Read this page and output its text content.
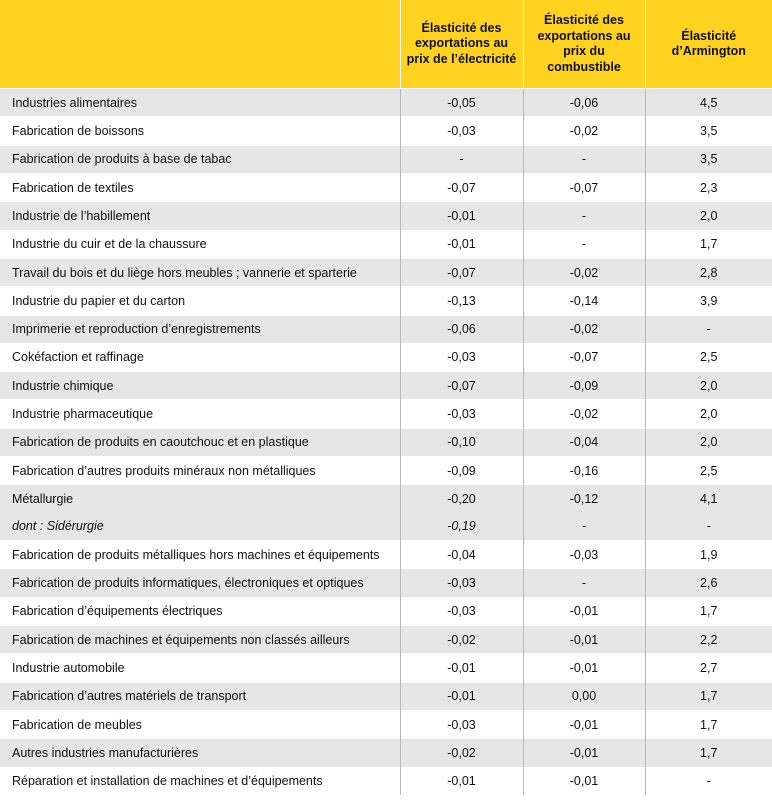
	Élasticité des exportations au prix de l’électricité	Élasticité des exportations au prix du combustible	Élasticité d’Armington
Industries alimentaires	-0,05	-0,06	4,5
Fabrication de boissons	-0,03	-0,02	3,5
Fabrication de produits à base de tabac	-	-	3,5
Fabrication de textiles	-0,07	-0,07	2,3
Industrie de l’habillement	-0,01	-	2,0
Industrie du cuir et de la chaussure	-0,01	-	1,7
Travail du bois et du liège hors meubles ; vannerie et sparterie	-0,07	-0,02	2,8
Industrie du papier et du carton	-0,13	-0,14	3,9
Imprimerie et reproduction d’enregistrements	-0,06	-0,02	-
Cokéfaction et raffinage	-0,03	-0,07	2,5
Industrie chimique	-0,07	-0,09	2,0
Industrie pharmaceutique	-0,03	-0,02	2,0
Fabrication de produits en caoutchouc et en plastique	-0,10	-0,04	2,0
Fabrication d’autres produits minéraux non métalliques	-0,09	-0,16	2,5
Métallurgie	-0,20	-0,12	4,1
dont : Sidérurgie	-0,19	-	-
Fabrication de produits métalliques hors machines et équipements	-0,04	-0,03	1,9
Fabrication de produits informatiques, électroniques et optiques	-0,03	-	2,6
Fabrication d’équipements électriques	-0,03	-0,01	1,7
Fabrication de machines et équipements non classés ailleurs	-0,02	-0,01	2,2
Industrie automobile	-0,01	-0,01	2,7
Fabrication d’autres matériels de transport	-0,01	0,00	1,7
Fabrication de meubles	-0,03	-0,01	1,7
Autres industries manufacturières	-0,02	-0,01	1,7
Réparation et installation de machines et d’équipements	-0,01	-0,01	-
